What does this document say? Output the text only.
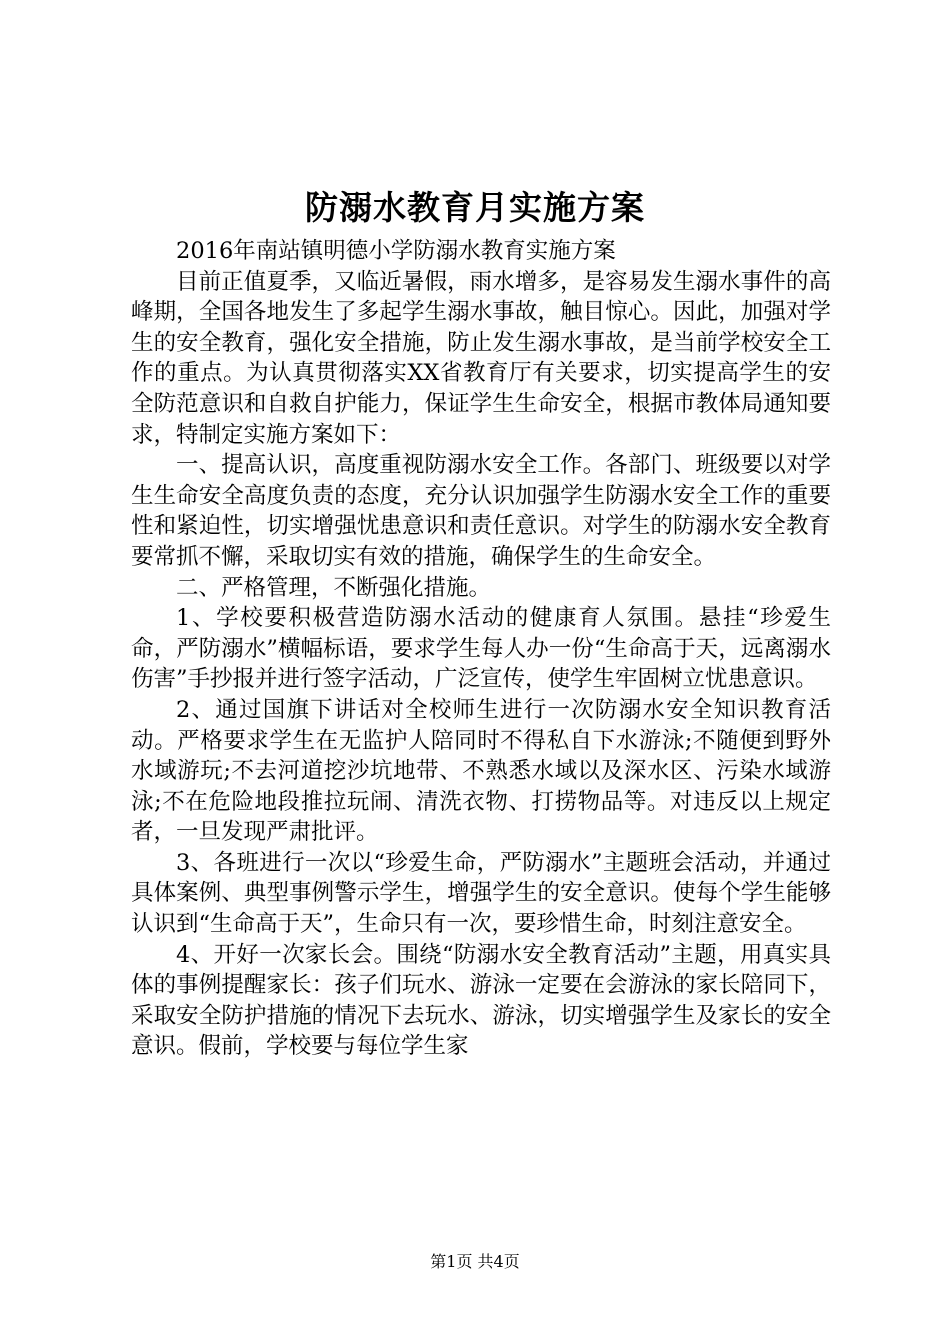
防溺水教育月实施方案

2016年南站镇明德小学防溺水教育实施方案

目前正值夏季，又临近暑假，雨水增多，是容易发生溺水事件的高峰期，全国各地发生了多起学生溺水事故，触目惊心。因此，加强对学生的安全教育，强化安全措施，防止发生溺水事故，是当前学校安全工作的重点。为认真贯彻落实XX省教育厅有关要求，切实提高学生的安全防范意识和自救自护能力，保证学生生命安全，根据市教体局通知要求，特制定实施方案如下：

一、提高认识，高度重视防溺水安全工作。各部门、班级要以对学生生命安全高度负责的态度，充分认识加强学生防溺水安全工作的重要性和紧迫性，切实增强忧患意识和责任意识。对学生的防溺水安全教育要常抓不懈，采取切实有效的措施，确保学生的生命安全。

二、严格管理，不断强化措施。

1、学校要积极营造防溺水活动的健康育人氛围。悬挂“珍爱生命，严防溺水”横幅标语，要求学生每人办一份“生命高于天，远离溺水伤害”手抄报并进行签字活动，广泛宣传，使学生牢固树立忧患意识。

2、通过国旗下讲话对全校师生进行一次防溺水安全知识教育活动。严格要求学生在无监护人陪同时不得私自下水游泳;不随便到野外水域游玩;不去河道挖沙坑地带、不熟悉水域以及深水区、污染水域游泳;不在危险地段推拉玩闹、清洗衣物、打捞物品等。对违反以上规定者，一旦发现严肃批评。

3、各班进行一次以“珍爱生命，严防溺水”主题班会活动，并通过具体案例、典型事例警示学生，增强学生的安全意识。使每个学生能够认识到“生命高于天”，生命只有一次，要珍惜生命，时刻注意安全。

4、开好一次家长会。围绕“防溺水安全教育活动”主题，用真实具体的事例提醒家长：孩子们玩水、游泳一定要在会游泳的家长陪同下，采取安全防护措施的情况下去玩水、游泳，切实增强学生及家长的安全意识。假前，学校要与每位学生家

第1页 共4页
